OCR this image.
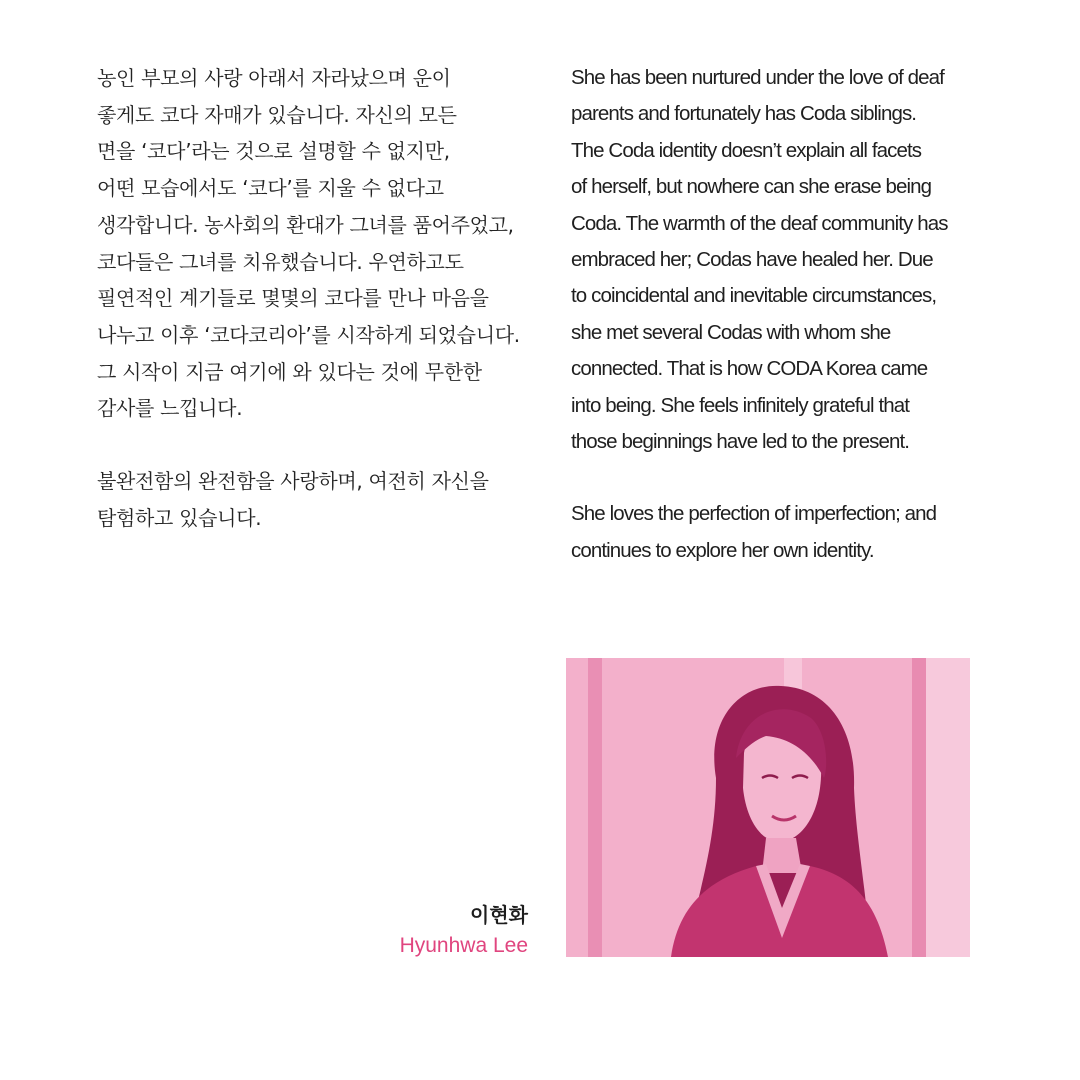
농인 부모의 사랑 아래서 자라났으며 운이
좋게도 코다 자매가 있습니다. 자신의 모든
면을 ‘코다’라는 것으로 설명할 수 없지만,
어떤 모습에서도 ‘코다’를 지울 수 없다고
생각합니다. 농사회의 환대가 그녀를 품어주었고,
코다들은 그녀를 치유했습니다. 우연하고도
필연적인 계기들로 몇몇의 코다를 만나 마음을
나누고 이후 ‘코다코리아’를 시작하게 되었습니다.
그 시작이 지금 여기에 와 있다는 것에 무한한
감사를 느낍니다.

불완전함의 완전함을 사랑하며, 여전히 자신을
탐험하고 있습니다.

She has been nurtured under the love of deaf
parents and fortunately has Coda siblings.
The Coda identity doesn’t explain all facets
of herself, but nowhere can she erase being
Coda. The warmth of the deaf community has
embraced her; Codas have healed her. Due
to coincidental and inevitable circumstances,
she met several Codas with whom she
connected. That is how CODA Korea came
into being. She feels infinitely grateful that
those beginnings have led to the present.

She loves the perfection of imperfection; and
continues to explore her own identity.

이현화
Hyunhwa Lee
